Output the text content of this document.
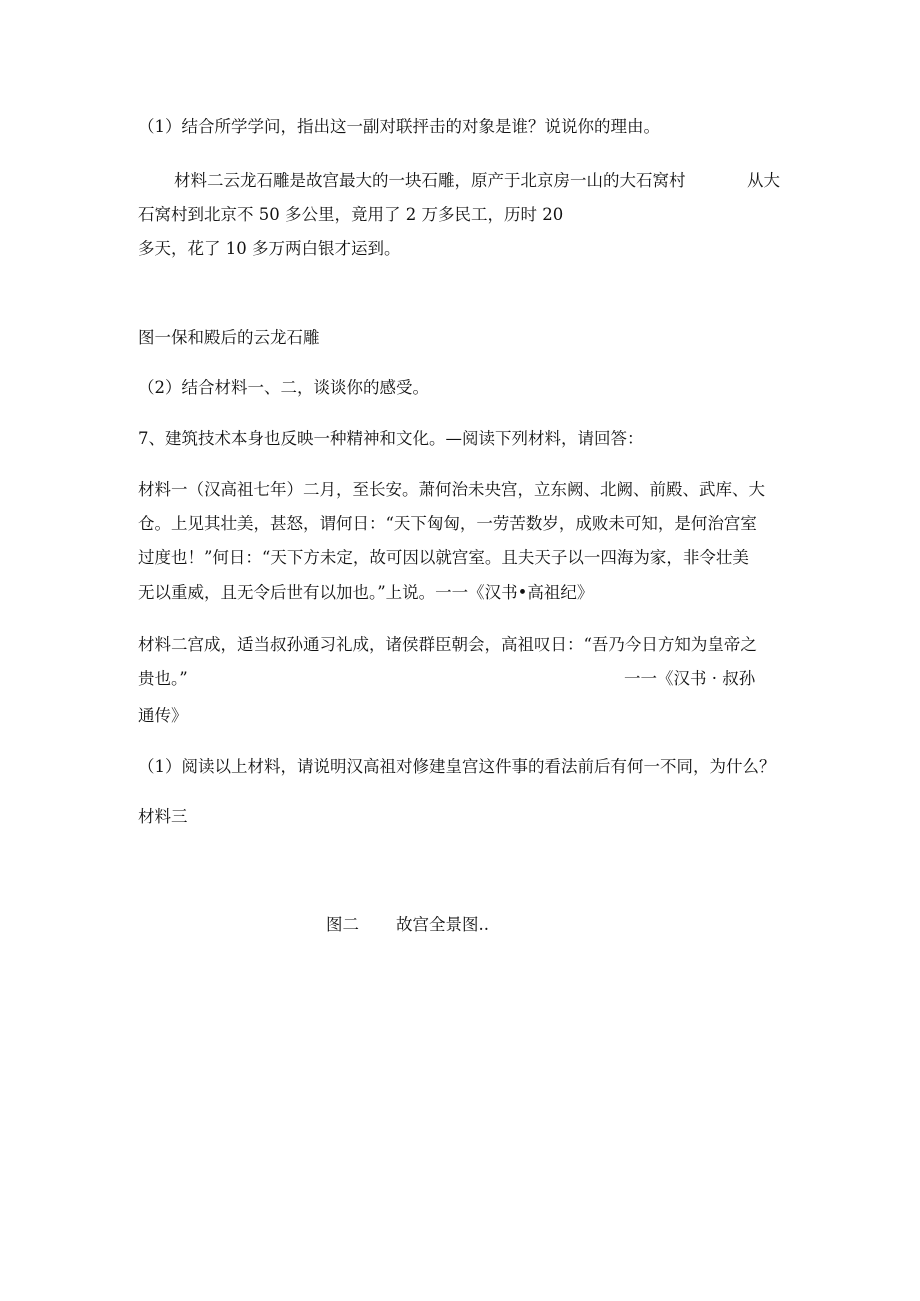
（1）结合所学学问，指出这一副对联抨击的对象是谁？说说你的理由。
材料二云龙石雕是故宫最大的一块石雕，原产于北京房一山的大石窝村	从大
石窝村到北京不 50 多公里，竟用了 2 万多民工，历时 20
多天，花了 10 多万两白银才运到。
图一保和殿后的云龙石雕
（2）结合材料一、二，谈谈你的感受。
7、建筑技术本身也反映一种精神和文化。—阅读下列材料，请回答：
材料一（汉高祖七年）二月，至长安。萧何治未央宫，立东阙、北阙、前殿、武库、大
仓。上见其壮美，甚怒，谓何日：“天下匈匈，一劳苦数岁，成败未可知，是何治宫室
过度也！”何日：“天下方未定，故可因以就宫室。且夫天子以一四海为家，非令壮美
无以重威，且无令后世有以加也。”上说。一一《汉书•高祖纪》
材料二宫成，适当叔孙通习礼成，诸侯群臣朝会，高祖叹日：“吾乃今日方知为皇帝之
贵也。”	一一《汉书 · 叔孙
通传》
（1）阅读以上材料，请说明汉高祖对修建皇宫这件事的看法前后有何一不同，为什么？
材料三
图二 故宫全景图..
